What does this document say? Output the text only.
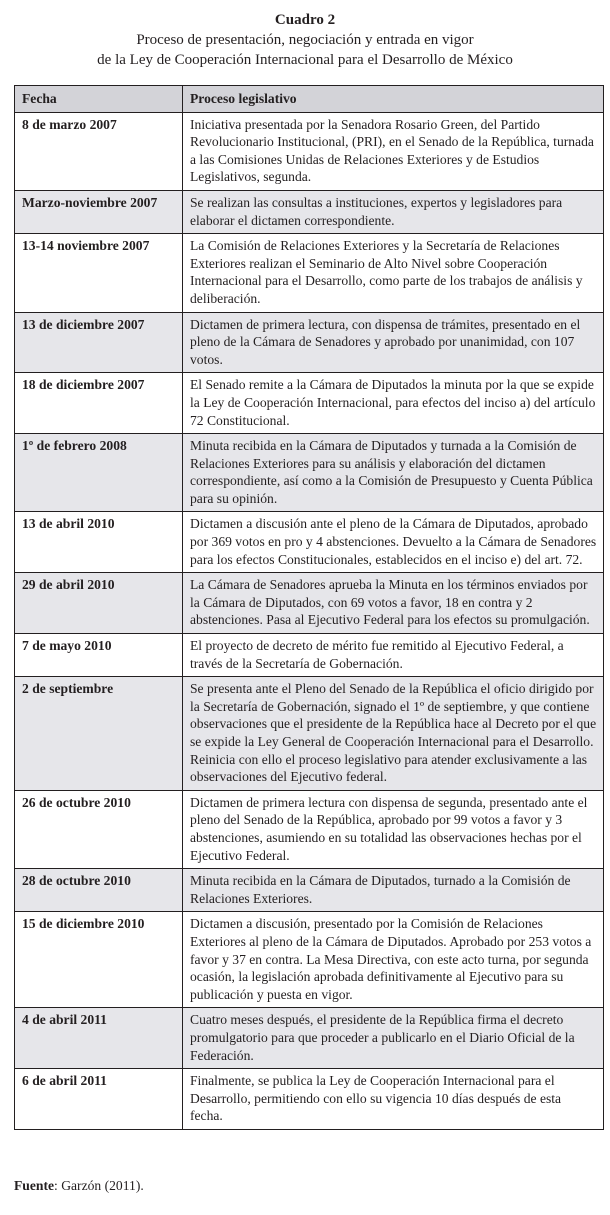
Cuadro 2
Proceso de presentación, negociación y entrada en vigor
de la Ley de Cooperación Internacional para el Desarrollo de México
Fecha	Proceso legislativo
8 de marzo 2007	Iniciativa presentada por la Senadora Rosario Green, del Partido Revolucionario Institucional, (PRI), en el Senado de la República, turnada a las Comisiones Unidas de Relaciones Exteriores y de Estudios Legislativos, segunda.
Marzo-noviembre 2007	Se realizan las consultas a instituciones, expertos y legisladores para elaborar el dictamen correspondiente.
13-14 noviembre 2007	La Comisión de Relaciones Exteriores y la Secretaría de Relaciones Exteriores realizan el Seminario de Alto Nivel sobre Cooperación Internacional para el Desarrollo, como parte de los trabajos de análisis y deliberación.
13 de diciembre 2007	Dictamen de primera lectura, con dispensa de trámites, presentado en el pleno de la Cámara de Senadores y aprobado por unanimidad, con 107 votos.
18 de diciembre 2007	El Senado remite a la Cámara de Diputados la minuta por la que se expide la Ley de Cooperación Internacional, para efectos del inciso a) del artículo 72 Constitucional.
1º de febrero 2008	Minuta recibida en la Cámara de Diputados y turnada a la Comisión de Relaciones Exteriores para su análisis y elaboración del dictamen correspondiente, así como a la Comisión de Presupuesto y Cuenta Pública para su opinión.
13 de abril 2010	Dictamen a discusión ante el pleno de la Cámara de Diputados, aprobado por 369 votos en pro y 4 abstenciones. Devuelto a la Cámara de Senadores para los efectos Constitucionales, establecidos en el inciso e) del art. 72.
29 de abril 2010	La Cámara de Senadores aprueba la Minuta en los términos enviados por la Cámara de Diputados, con 69 votos a favor, 18 en contra y 2 abstenciones. Pasa al Ejecutivo Federal para los efectos su promulgación.
7 de mayo 2010	El proyecto de decreto de mérito fue remitido al Ejecutivo Federal, a través de la Secretaría de Gobernación.
2 de septiembre	Se presenta ante el Pleno del Senado de la República el oficio dirigido por la Secretaría de Gobernación, signado el 1º de septiembre, y que contiene observaciones que el presidente de la República hace al Decreto por el que se expide la Ley General de Cooperación Internacional para el Desarrollo. Reinicia con ello el proceso legislativo para atender exclusivamente a las observaciones del Ejecutivo federal.
26 de octubre 2010	Dictamen de primera lectura con dispensa de segunda, presentado ante el pleno del Senado de la República, aprobado por 99 votos a favor y 3 abstenciones, asumiendo en su totalidad las observaciones hechas por el Ejecutivo Federal.
28 de octubre 2010	Minuta recibida en la Cámara de Diputados, turnado a la Comisión de Relaciones Exteriores.
15 de diciembre 2010	Dictamen a discusión, presentado por la Comisión de Relaciones Exteriores al pleno de la Cámara de Diputados. Aprobado por 253 votos a favor y 37 en contra. La Mesa Directiva, con este acto turna, por segunda ocasión, la legislación aprobada definitivamente al Ejecutivo para su publicación y puesta en vigor.
4 de abril 2011	Cuatro meses después, el presidente de la República firma el decreto promulgatorio para que proceder a publicarlo en el Diario Oficial de la Federación.
6 de abril 2011	Finalmente, se publica la Ley de Cooperación Internacional para el Desarrollo, permitiendo con ello su vigencia 10 días después de esta fecha.
Fuente: Garzón (2011).
